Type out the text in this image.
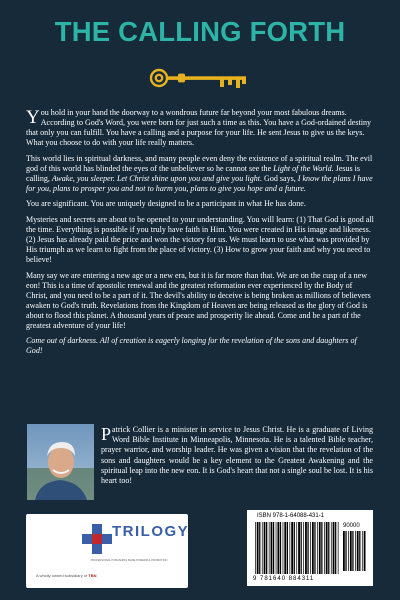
THE CALLING FORTH

You hold in your hand the doorway to a wondrous future far beyond your most fabulous dreams. According to God's Word, you were born for just such a time as this. You have a God-ordained destiny that only you can fulfill. You have a calling and a purpose for your life. He sent Jesus to give us the keys. What you choose to do with your life really matters.

This world lies in spiritual darkness, and many people even deny the existence of a spiritual realm. The evil god of this world has blinded the eyes of the unbeliever so he cannot see the Light of the World. Jesus is calling, Awake, you sleeper. Let Christ shine upon you and give you light. God says, I know the plans I have for you, plans to prosper you and not to harm you, plans to give you hope and a future.

You are significant. You are uniquely designed to be a participant in what He has done.

Mysteries and secrets are about to be opened to your understanding. You will learn: (1) That God is good all the time. Everything is possible if you truly have faith in Him. You were created in His image and likeness. (2) Jesus has already paid the price and won the victory for us. We must learn to use what was provided by His triumph as we learn to fight from the place of victory. (3) How to grow your faith and why you need to believe!

Many say we are entering a new age or a new era, but it is far more than that. We are on the cusp of a new eon! This is a time of apostolic renewal and the greatest reformation ever experienced by the Body of Christ, and you need to be a part of it. The devil's ability to deceive is being broken as millions of believers awaken to God's truth. Revelations from the Kingdom of Heaven are being released as the glory of God is about to flood this planet. A thousand years of peace and prosperity lie ahead. Come and be a part of the greatest adventure of your life!

Come out of darkness. All of creation is eagerly longing for the revelation of the sons and daughters of God!

Patrick Collier is a minister in service to Jesus Christ. He is a graduate of Living Word Bible Institute in Minneapolis, Minnesota. He is a talented Bible teacher, prayer warrior, and worship leader. He was given a vision that the revelation of the sons and daughters would be a key element to the Greatest Awakening and the spiritual leap into the new eon. It is God's heart that not a single soul be lost. It is his heart too!
TRILOGY
PROFESSIONAL PUBLISHING MADE POWERFUL PROMOTION
A wholly owned subsidiary of TBN
ISBN 978-1-64088-431-1
90000
9 781640 884311
